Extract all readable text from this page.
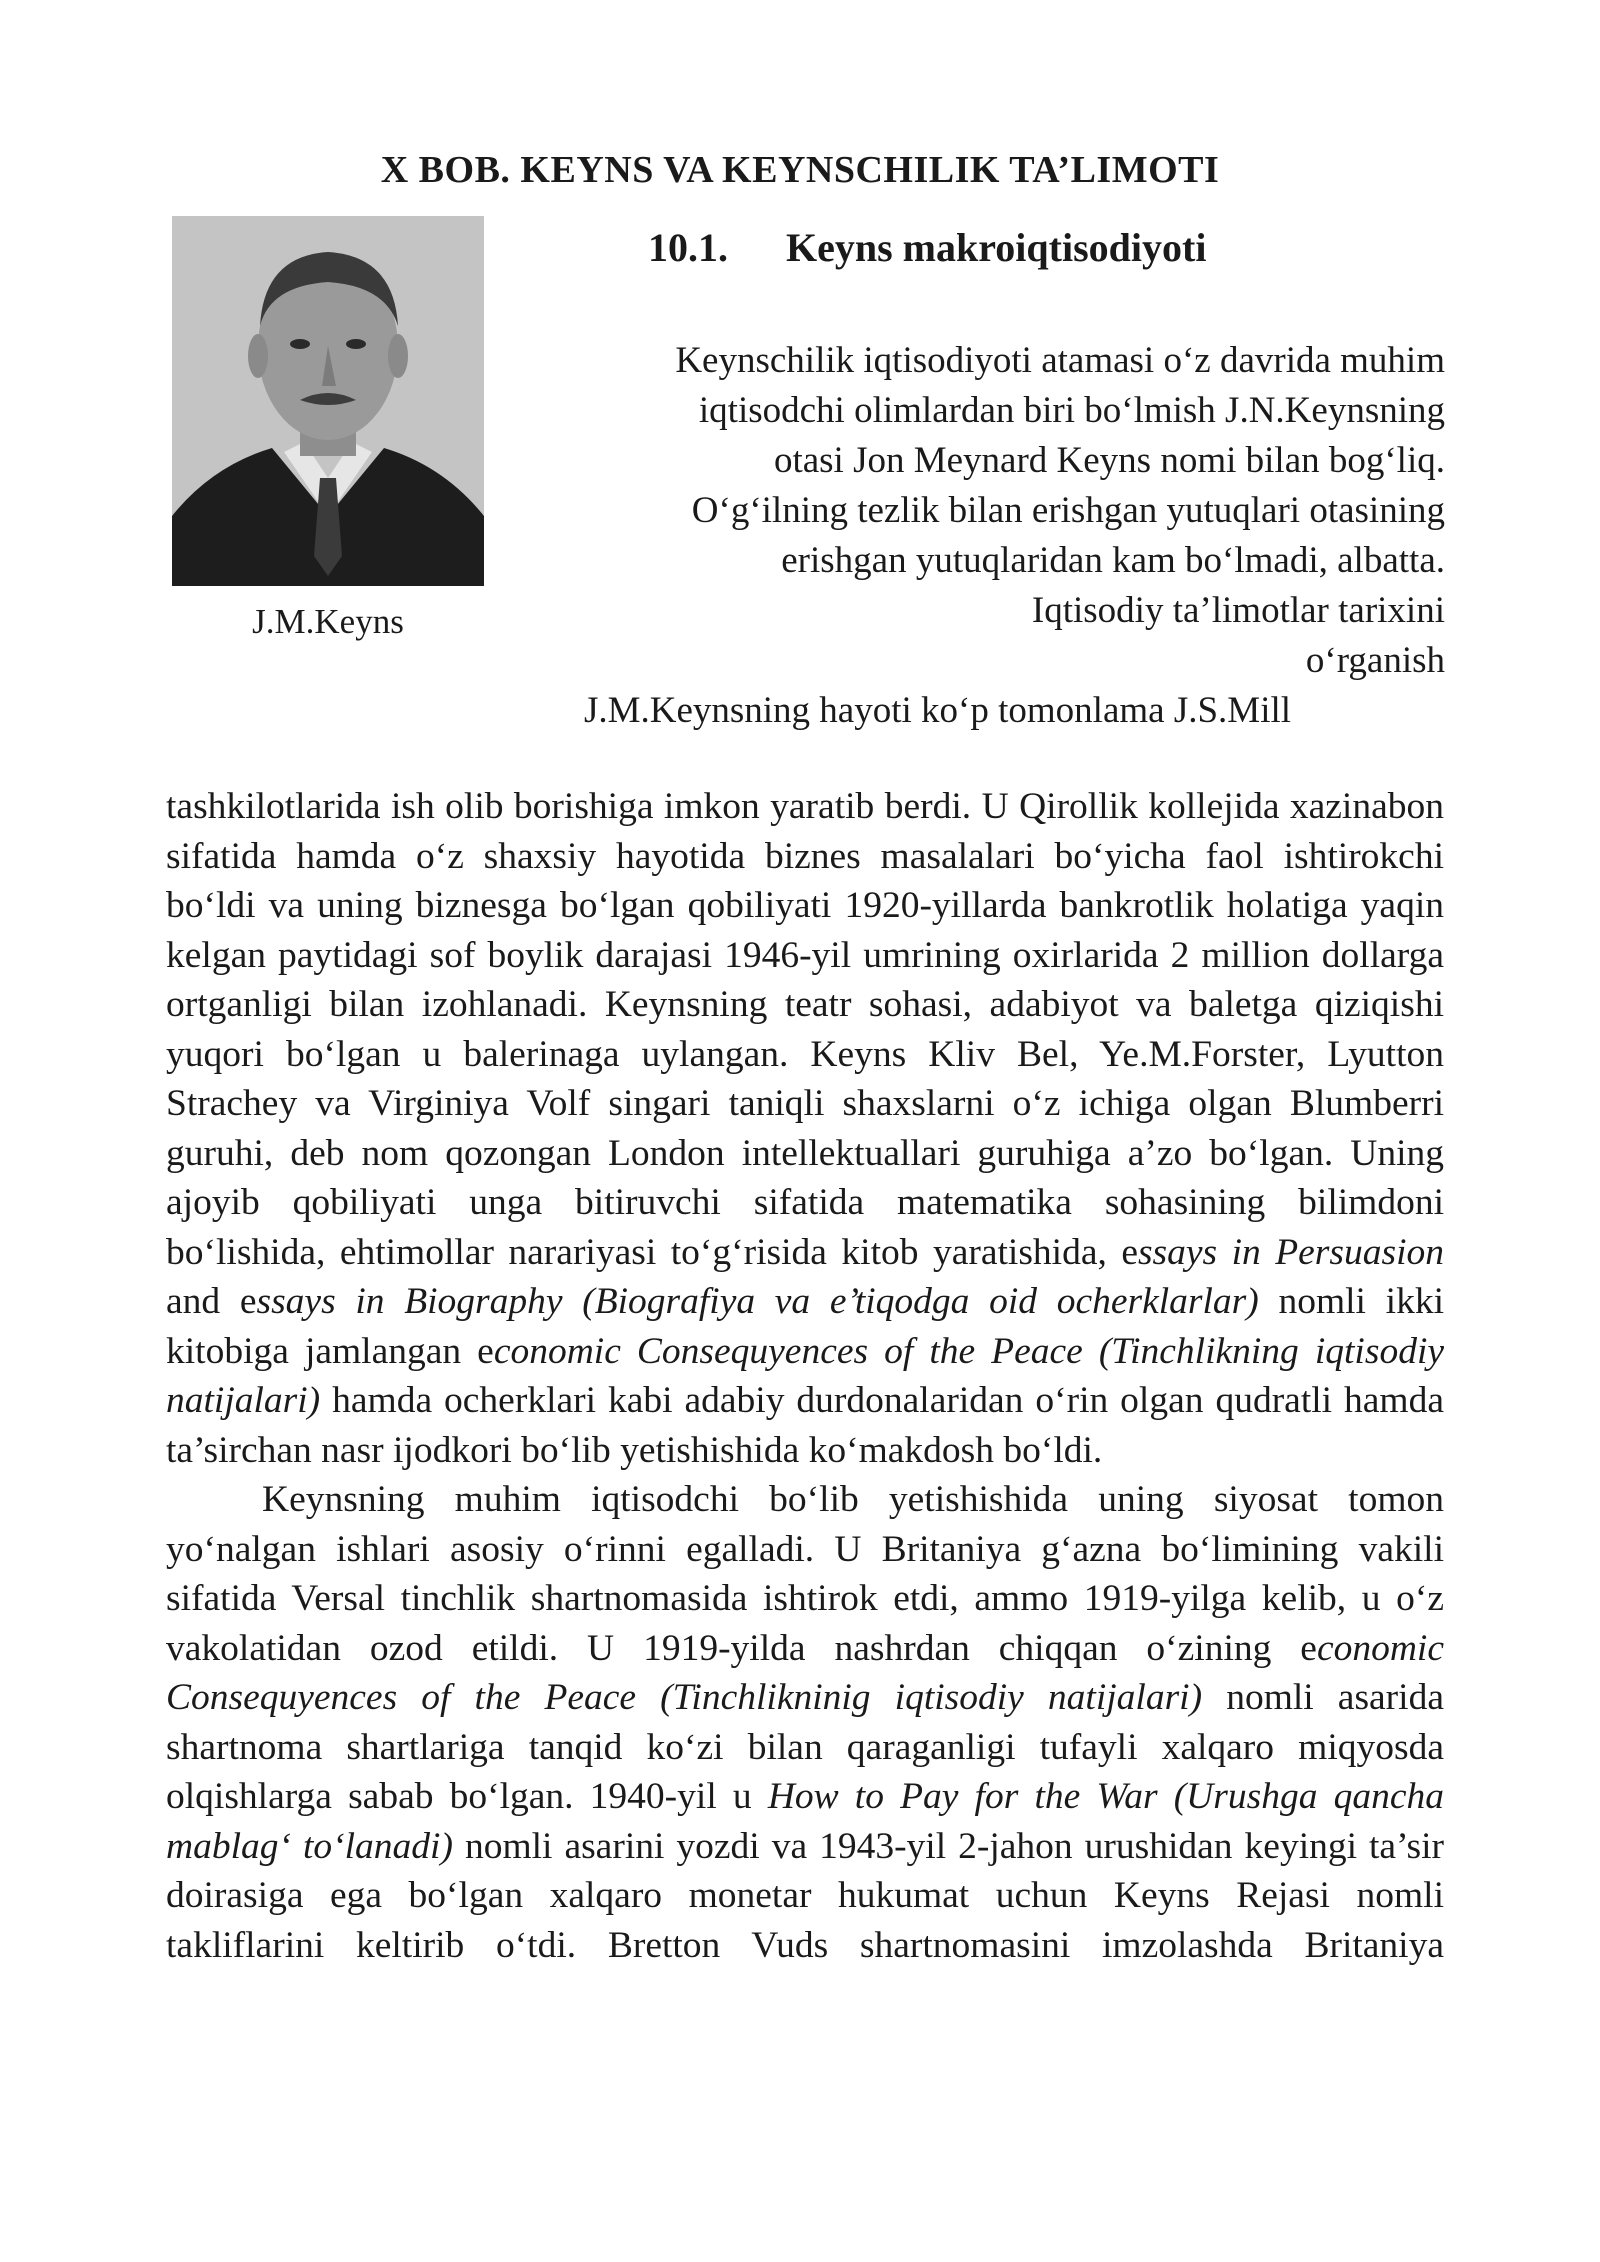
X BOB. KEYNS VA KEYNSCHILIK TA’LIMOTI
J.M.Keyns
10.1. Keyns makroiqtisodiyoti
Keynschilik iqtisodiyoti atamasi o‘z davrida muhim
iqtisodchi olimlardan biri bo‘lmish J.N.Keynsning
otasi Jon Meynard Keyns nomi bilan bog‘liq.
O‘g‘ilning tezlik bilan erishgan yutuqlari otasining
erishgan yutuqlaridan kam bo‘lmadi, albatta.
Iqtisodiy ta’limotlar tarixini
o‘rganish
J.M.Keynsning hayoti ko‘p tomonlama J.S.Mill

tashkilotlarida ish olib borishiga imkon yaratib berdi. U Qirollik kollejida xazinabon sifatida hamda o‘z shaxsiy hayotida biznes masalalari bo‘yicha faol ishtirokchi bo‘ldi va uning biznesga bo‘lgan qobiliyati 1920-yillarda bankrotlik holatiga yaqin kelgan paytidagi sof boylik darajasi 1946-yil umrining oxirlarida 2 million dollarga ortganligi bilan izohlanadi. Keynsning teatr sohasi, adabiyot va baletga qiziqishi yuqori bo‘lgan u balerinaga uylangan. Keyns Kliv Bel, Ye.M.Forster, Lyutton Strachey va Virginiya Volf singari taniqli shaxslarni o‘z ichiga olgan Blumberri guruhi, deb nom qozongan London intellektuallari guruhiga a’zo bo‘lgan. Uning ajoyib qobiliyati unga bitiruvchi sifatida matematika sohasining bilimdoni bo‘lishida, ehtimollar narariyasi to‘g‘risida kitob yaratishida, essays in Persuasion and essays in Biography (Biografiya va e’tiqodga oid ocherklarlar) nomli ikki kitobiga jamlangan economic Consequyences of the Peace (Tinchlikning iqtisodiy natijalari) hamda ocherklari kabi adabiy durdonalaridan o‘rin olgan qudratli hamda ta’sirchan nasr ijodkori bo‘lib yetishishida ko‘makdosh bo‘ldi.

Keynsning muhim iqtisodchi bo‘lib yetishishida uning siyosat tomon yo‘nalgan ishlari asosiy o‘rinni egalladi. U Britaniya g‘azna bo‘limining vakili sifatida Versal tinchlik shartnomasida ishtirok etdi, ammo 1919-yilga kelib, u o‘z vakolatidan ozod etildi. U 1919-yilda nashrdan chiqqan o‘zining economic Consequyences of the Peace (Tinchlikninig iqtisodiy natijalari) nomli asarida shartnoma shartlariga tanqid ko‘zi bilan qaraganligi tufayli xalqaro miqyosda olqishlarga sabab bo‘lgan. 1940-yil u How to Pay for the War (Urushga qancha mablag‘ to‘lanadi) nomli asarini yozdi va 1943-yil 2-jahon urushidan keyingi ta’sir doirasiga ega bo‘lgan xalqaro monetar hukumat uchun Keyns Rejasi nomli takliflarini keltirib o‘tdi. Bretton Vuds shartnomasini imzolashda Britaniya
